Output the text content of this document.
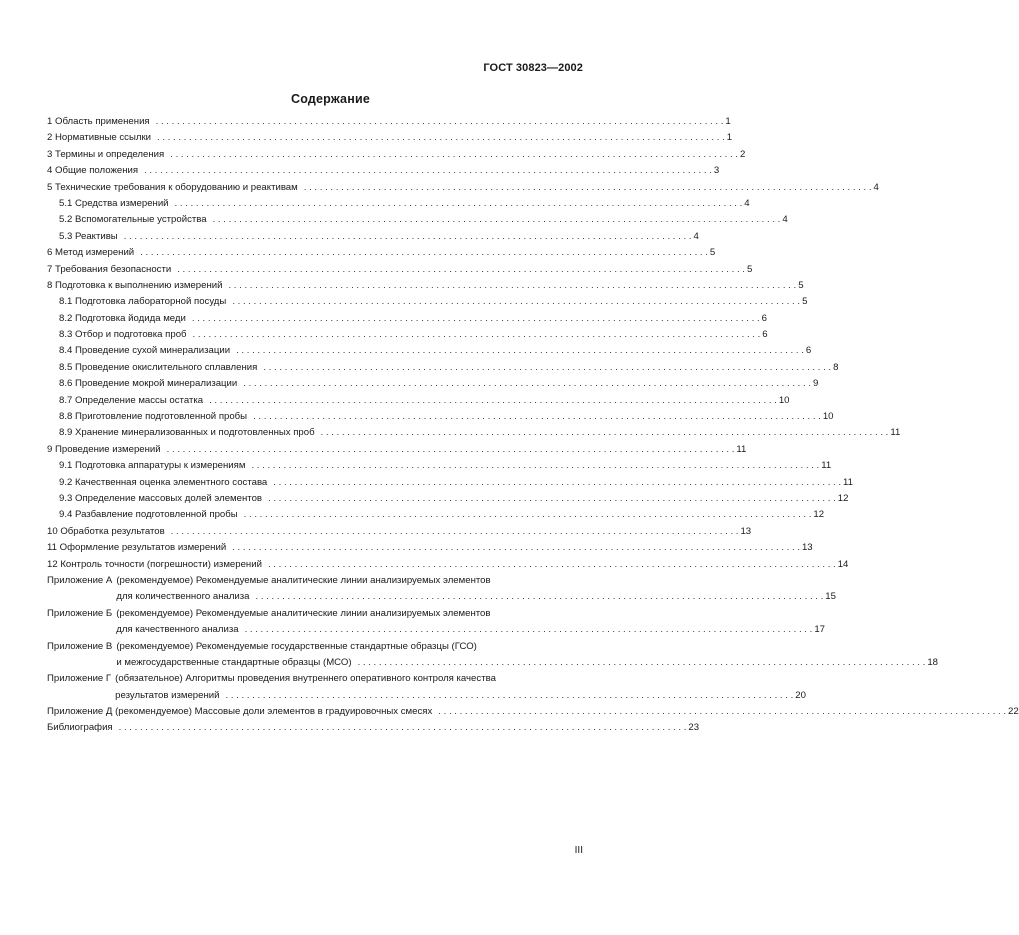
ГОСТ 30823—2002
Содержание
1 Область применения . . .	1
2 Нормативные ссылки . . .	1
3 Термины и определения . . .	2
4 Общие положения . . .	3
5 Технические требования к оборудованию и реактивам . . .	4
5.1 Средства измерений . . .	4
5.2 Вспомогательные устройства . . .	4
5.3 Реактивы . . .	4
6 Метод измерений . . .	5
7 Требования безопасности . . .	5
8 Подготовка к выполнению измерений . . .	5
8.1 Подготовка лабораторной посуды . . .	5
8.2 Подготовка йодида меди . . .	6
8.3 Отбор и подготовка проб . . .	6
8.4 Проведение сухой минерализации . . .	6
8.5 Проведение окислительного сплавления . . .	8
8.6 Проведение мокрой минерализации . . .	9
8.7 Определение массы остатка . . .	10
8.8 Приготовление подготовленной пробы . . .	10
8.9 Хранение минерализованных и подготовленных проб . . .	11
9 Проведение измерений . . .	11
9.1 Подготовка аппаратуры к измерениям . . .	11
9.2 Качественная оценка элементного состава . . .	11
9.3 Определение массовых долей элементов . . .	12
9.4 Разбавление подготовленной пробы . . .	12
10 Обработка результатов . . .	13
11 Оформление результатов измерений . . .	13
12 Контроль точности (погрешности) измерений . . .	14
Приложение А (рекомендуемое) Рекомендуемые аналитические линии анализируемых элементов
для количественного анализа . . .	15
Приложение Б (рекомендуемое) Рекомендуемые аналитические линии анализируемых элементов
для качественного анализа . . .	17
Приложение В (рекомендуемое) Рекомендуемые государственные стандартные образцы (ГСО)
и межгосударственные стандартные образцы (МСО) . . .	18
Приложение Г (обязательное) Алгоритмы проведения внутреннего оперативного контроля качества
результатов измерений . . .	20
Приложение Д (рекомендуемое) Массовые доли элементов в градуировочных смесях . . .	22
Библиография . . .	23
III
